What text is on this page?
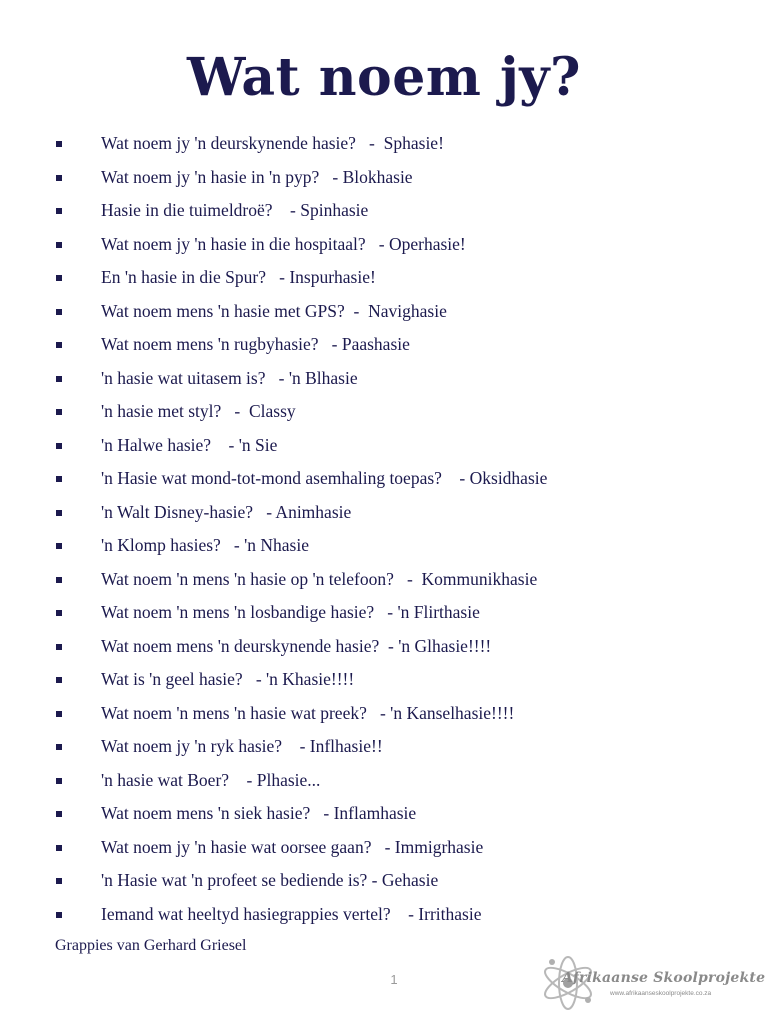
Wat noem jy?
Wat noem jy 'n deurskynende hasie?   -  Sphasie!
Wat noem jy 'n hasie in 'n pyp?   - Blokhasie
Hasie in die tuimeldroë?    - Spinhasie
Wat noem jy 'n hasie in die hospitaal?   - Operhasie!
En 'n hasie in die Spur?   - Inspurhasie!
Wat noem mens 'n hasie met GPS?  -  Navighasie
Wat noem mens 'n rugbyhasie?   - Paashasie
'n hasie wat uitasem is?   - 'n Blhasie
'n hasie met styl?   -  Classy
'n Halwe hasie?    - 'n Sie
'n Hasie wat mond-tot-mond asemhaling toepas?    - Oksidhasie
'n Walt Disney-hasie?   - Animhasie
'n Klomp hasies?   - 'n Nhasie
Wat noem 'n mens 'n hasie op 'n telefoon?   -  Kommunikhasie
Wat noem 'n mens 'n losbandige hasie?   - 'n Flirthasie
Wat noem mens 'n deurskynende hasie?  - 'n Glhasie!!!!
Wat is 'n geel hasie?   - 'n Khasie!!!!
Wat noem 'n mens 'n hasie wat preek?   - 'n Kanselhasie!!!!
Wat noem jy 'n ryk hasie?    - Inflhasie!!
'n hasie wat Boer?    - Plhasie...
Wat noem mens 'n siek hasie?   - Inflamhasie
Wat noem jy 'n hasie wat oorsee gaan?   - Immigrhasie
'n Hasie wat 'n profeet se bediende is? - Gehasie
Iemand wat heeltyd hasiegrappies vertel?    - Irrithasie
Grappies van Gerhard Griesel
1	Afrikaanse Skoolprojekte
www.afrikaanseskoolprojekte.co.za
